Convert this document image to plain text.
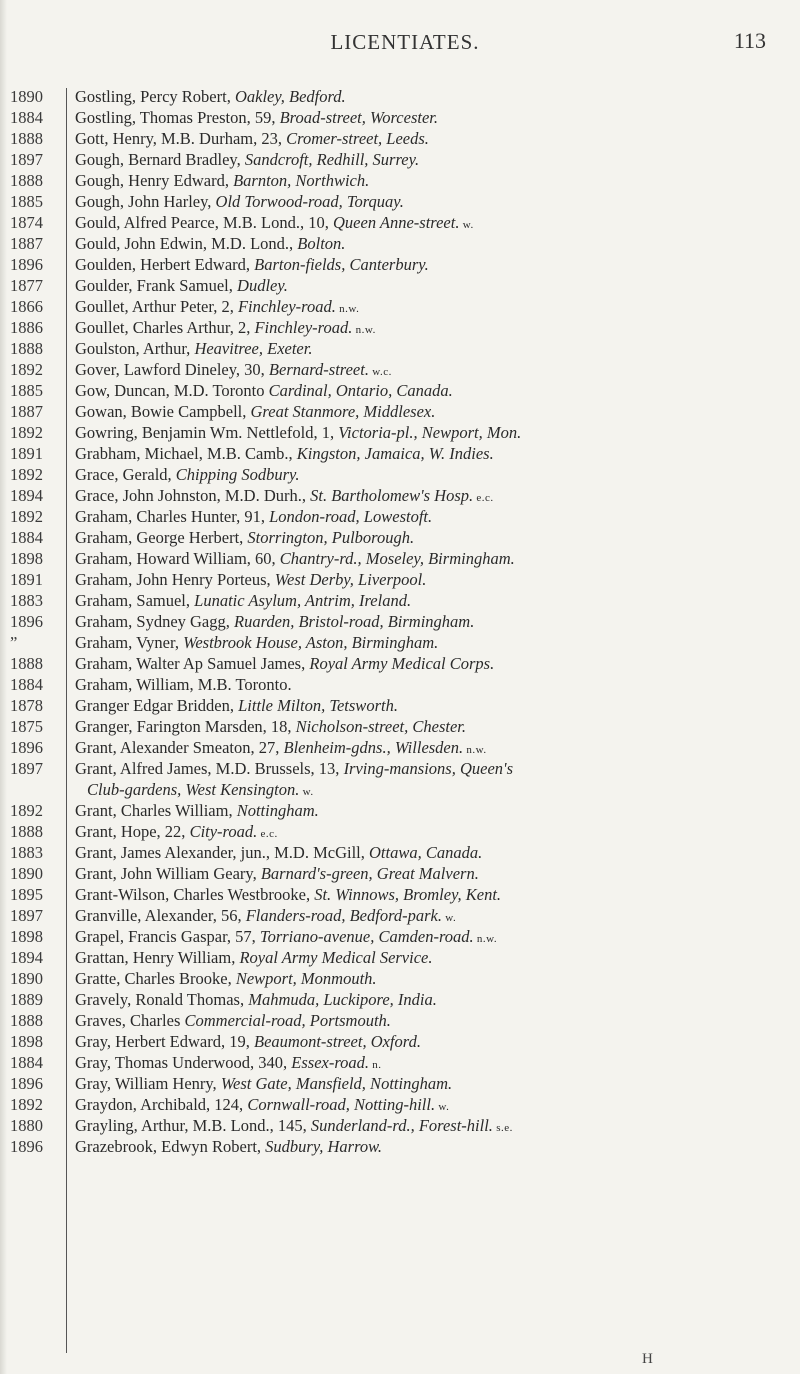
LICENTIATES.	113
1890	Gostling, Percy Robert, Oakley, Bedford.
1884	Gostling, Thomas Preston, 59, Broad-street, Worcester.
1888	Gott, Henry, M.B. Durham, 23, Cromer-street, Leeds.
1897	Gough, Bernard Bradley, Sandcroft, Redhill, Surrey.
1888	Gough, Henry Edward, Barnton, Northwich.
1885	Gough, John Harley, Old Torwood-road, Torquay.
1874	Gould, Alfred Pearce, M.B. Lond., 10, Queen Anne-street. w.
1887	Gould, John Edwin, M.D. Lond., Bolton.
1896	Goulden, Herbert Edward, Barton-fields, Canterbury.
1877	Goulder, Frank Samuel, Dudley.
1866	Goullet, Arthur Peter, 2, Finchley-road. n.w.
1886	Goullet, Charles Arthur, 2, Finchley-road. n.w.
1888	Goulston, Arthur, Heavitree, Exeter.
1892	Gover, Lawford Dineley, 30, Bernard-street. w.c.
1885	Gow, Duncan, M.D. Toronto Cardinal, Ontario, Canada.
1887	Gowan, Bowie Campbell, Great Stanmore, Middlesex.
1892	Gowring, Benjamin Wm. Nettlefold, 1, Victoria-pl., Newport, Mon.
1891	Grabham, Michael, M.B. Camb., Kingston, Jamaica, W. Indies.
1892	Grace, Gerald, Chipping Sodbury.
1894	Grace, John Johnston, M.D. Durh., St. Bartholomew's Hosp. e.c.
1892	Graham, Charles Hunter, 91, London-road, Lowestoft.
1884	Graham, George Herbert, Storrington, Pulborough.
1898	Graham, Howard William, 60, Chantry-rd., Moseley, Birmingham.
1891	Graham, John Henry Porteus, West Derby, Liverpool.
1883	Graham, Samuel, Lunatic Asylum, Antrim, Ireland.
1896	Graham, Sydney Gagg, Ruarden, Bristol-road, Birmingham.
”	Graham, Vyner, Westbrook House, Aston, Birmingham.
1888	Graham, Walter Ap Samuel James, Royal Army Medical Corps.
1884	Graham, William, M.B. Toronto.
1878	Granger Edgar Bridden, Little Milton, Tetsworth.
1875	Granger, Farington Marsden, 18, Nicholson-street, Chester.
1896	Grant, Alexander Smeaton, 27, Blenheim-gdns., Willesden. n.w.
1897	Grant, Alfred James, M.D. Brussels, 13, Irving-mansions, Queen's
Club-gardens, West Kensington. w.
1892	Grant, Charles William, Nottingham.
1888	Grant, Hope, 22, City-road. e.c.
1883	Grant, James Alexander, jun., M.D. McGill, Ottawa, Canada.
1890	Grant, John William Geary, Barnard's-green, Great Malvern.
1895	Grant-Wilson, Charles Westbrooke, St. Winnows, Bromley, Kent.
1897	Granville, Alexander, 56, Flanders-road, Bedford-park. w.
1898	Grapel, Francis Gaspar, 57, Torriano-avenue, Camden-road. n.w.
1894	Grattan, Henry William, Royal Army Medical Service.
1890	Gratte, Charles Brooke, Newport, Monmouth.
1889	Gravely, Ronald Thomas, Mahmuda, Luckipore, India.
1888	Graves, Charles Commercial-road, Portsmouth.
1898	Gray, Herbert Edward, 19, Beaumont-street, Oxford.
1884	Gray, Thomas Underwood, 340, Essex-road. n.
1896	Gray, William Henry, West Gate, Mansfield, Nottingham.
1892	Graydon, Archibald, 124, Cornwall-road, Notting-hill. w.
1880	Grayling, Arthur, M.B. Lond., 145, Sunderland-rd., Forest-hill. s.e.
1896	Grazebrook, Edwyn Robert, Sudbury, Harrow.
H
